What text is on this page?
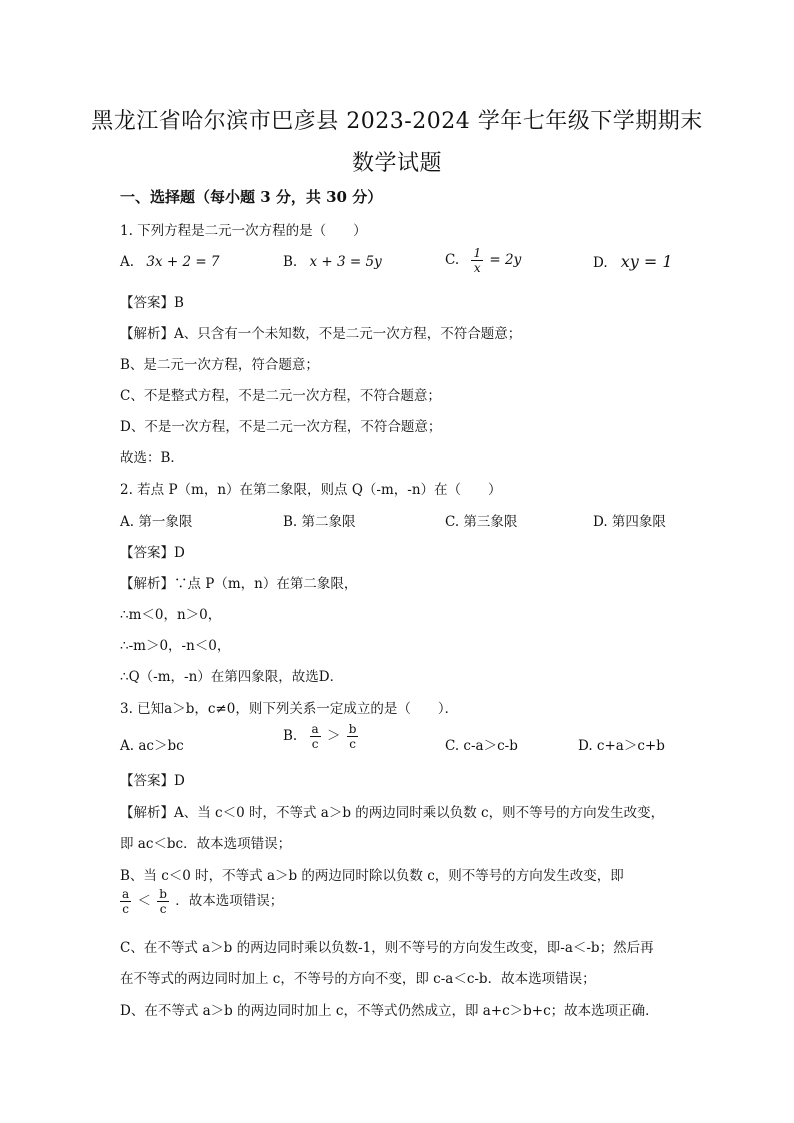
黑龙江省哈尔滨市巴彦县 2023-2024 学年七年级下学期期末
数学试题
一、选择题（每小题 3 分，共 30 分）
1. 下列方程是二元一次方程的是（　　）
A. 3x + 2 = 7	B. x + 3 = 5y	C. $\frac{1}{x} = 2y$	D. xy = 1
【答案】B
【解析】A、只含有一个未知数，不是二元一次方程，不符合题意；
B、是二元一次方程，符合题意；
C、不是整式方程，不是二元一次方程，不符合题意；
D、不是一次方程，不是二元一次方程，不符合题意；
故选：B．
2. 若点 P（m，n）在第二象限，则点 Q（-m，-n）在（　　）
A. 第一象限	B. 第二象限	C. 第三象限	D. 第四象限
【答案】D
【解析】∵点 P（m，n）在第二象限，
∴m＜0，n＞0，
∴-m＞0，-n＜0，
∴Q（-m，-n）在第四象限，故选D．
3. 已知a＞b，c≠0，则下列关系一定成立的是（　　）．
A. ac＞bc
B. $\frac{a}{c} > \frac{b}{c}$	C. c-a＞c-b	D. c+a＞c+b
【答案】D
【解析】A、当 c＜0 时，不等式 a＞b 的两边同时乘以负数 c，则不等号的方向发生改变，
即 ac＜bc．故本选项错误；
B、当 c＜0 时，不等式 a＞b 的两边同时除以负数 c，则不等号的方向发生改变，即
$\frac{a}{c} < \frac{b}{c}$ ．故本选项错误；
C、在不等式 a＞b 的两边同时乘以负数-1，则不等号的方向发生改变，即-a＜-b；然后再
在不等式的两边同时加上 c，不等号的方向不变，即 c-a＜c-b．故本选项错误；
D、在不等式 a＞b 的两边同时加上 c，不等式仍然成立，即 a+c＞b+c；故本选项正确．
